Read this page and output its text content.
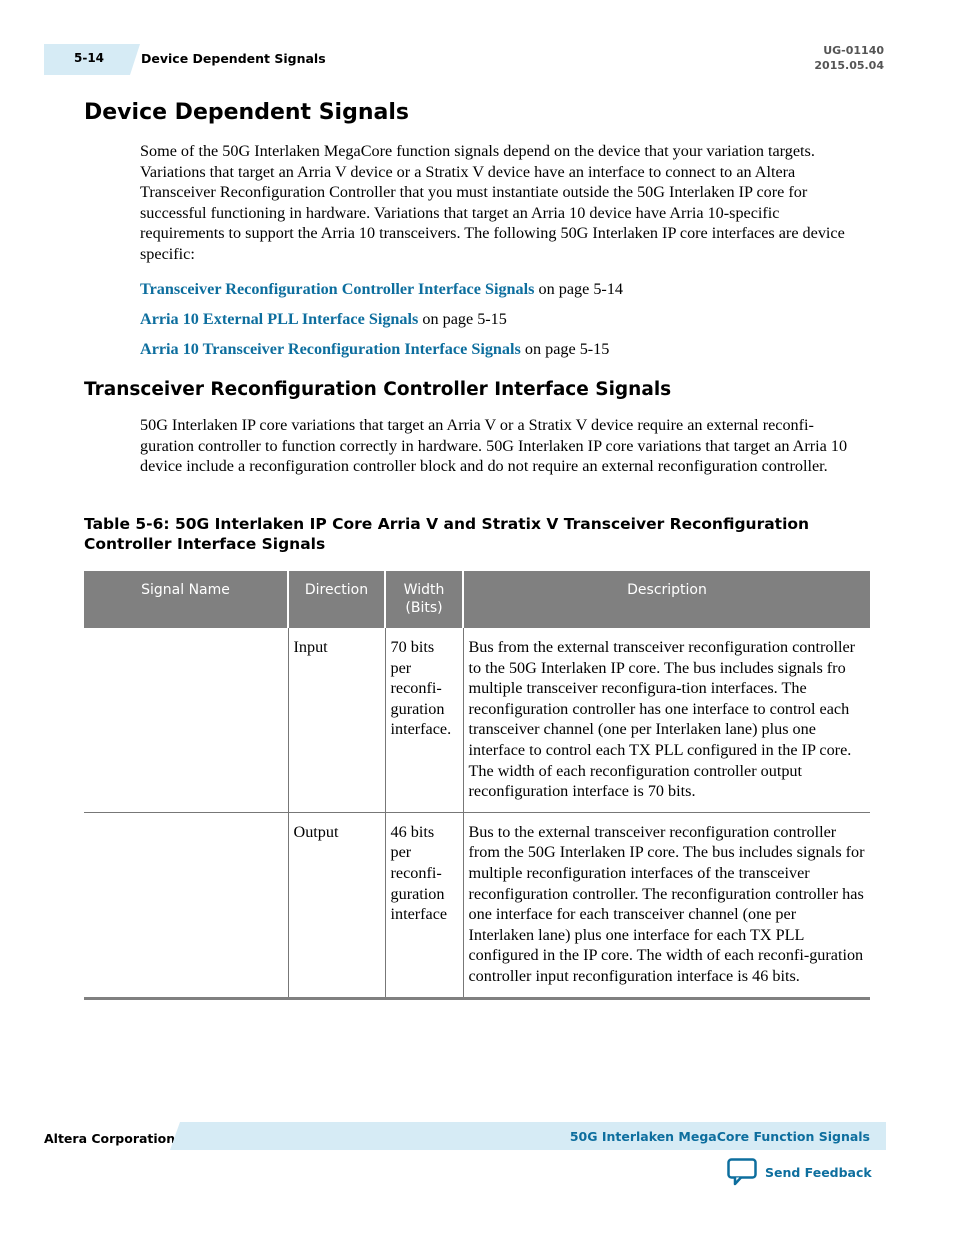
5-14	Device Dependent Signals
UG-01140
2015.05.04
Device Dependent Signals

Some of the 50G Interlaken MegaCore function signals depend on the device that your variation targets. Variations that target an Arria V device or a Stratix V device have an interface to connect to an Altera Transceiver Reconfiguration Controller that you must instantiate outside the 50G Interlaken IP core for successful functioning in hardware. Variations that target an Arria 10 device have Arria 10-specific requirements to support the Arria 10 transceivers. The following 50G Interlaken IP core interfaces are device specific:

Transceiver Reconfiguration Controller Interface Signals on page 5-14
Arria 10 External PLL Interface Signals on page 5-15
Arria 10 Transceiver Reconfiguration Interface Signals on page 5-15
Transceiver Reconfiguration Controller Interface Signals

50G Interlaken IP core variations that target an Arria V or a Stratix V device require an external reconfi-guration controller to function correctly in hardware. 50G Interlaken IP core variations that target an Arria 10 device include a reconfiguration controller block and do not require an external reconfiguration controller.

Table 5-6: 50G Interlaken IP Core Arria V and Stratix V Transceiver Reconfiguration Controller Interface Signals

Signal Name	Direction	Width (Bits)	Description
	Input	70 bits per reconfi-guration interface.	Bus from the external transceiver reconfiguration controller to the 50G Interlaken IP core. The bus includes signals fro multiple transceiver reconfigura-tion interfaces. The reconfiguration controller has one interface to control each transceiver channel (one per Interlaken lane) plus one interface to control each TX PLL configured in the IP core. The width of each reconfiguration controller output reconfiguration interface is 70 bits.
	Output	46 bits per reconfi-guration interface	Bus to the external transceiver reconfiguration controller from the 50G Interlaken IP core. The bus includes signals for multiple reconfiguration interfaces of the transceiver reconfiguration controller. The reconfiguration controller has one interface for each transceiver channel (one per Interlaken lane) plus one interface for each TX PLL configured in the IP core. The width of each reconfi-guration controller input reconfiguration interface is 46 bits.
Altera Corporation	50G Interlaken MegaCore Function Signals
Send Feedback
